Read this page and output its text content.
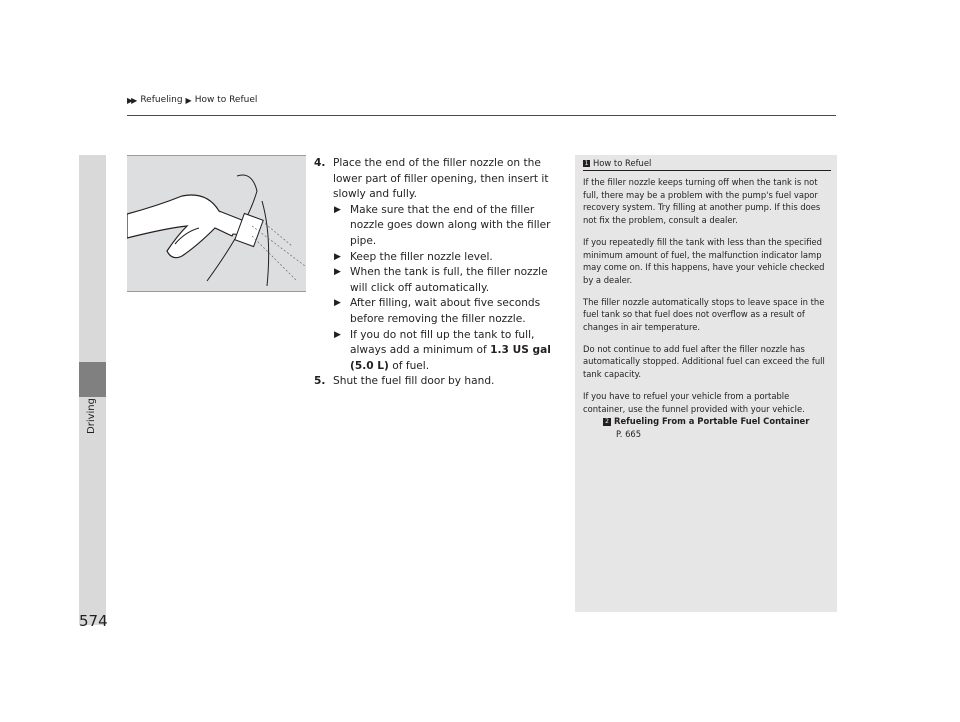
▶▶ Refueling ▶ How to Refuel
Driving
574
4. Place the end of the filler nozzle on the lower part of filler opening, then insert it slowly and fully.
▶ Make sure that the end of the filler nozzle goes down along with the filler pipe.
▶ Keep the filler nozzle level.
▶ When the tank is full, the filler nozzle will click off automatically.
▶ After filling, wait about five seconds before removing the filler nozzle.
▶ If you do not fill up the tank to full, always add a minimum of 1.3 US gal (5.0 L) of fuel.
5. Shut the fuel fill door by hand.
1 How to Refuel

If the filler nozzle keeps turning off when the tank is not full, there may be a problem with the pump's fuel vapor recovery system. Try filling at another pump. If this does not fix the problem, consult a dealer.

If you repeatedly fill the tank with less than the specified minimum amount of fuel, the malfunction indicator lamp may come on. If this happens, have your vehicle checked by a dealer.

The filler nozzle automatically stops to leave space in the fuel tank so that fuel does not overflow as a result of changes in air temperature.

Do not continue to add fuel after the filler nozzle has automatically stopped. Additional fuel can exceed the full tank capacity.

If you have to refuel your vehicle from a portable container, use the funnel provided with your vehicle.

2 Refueling From a Portable Fuel Container
P. 665
